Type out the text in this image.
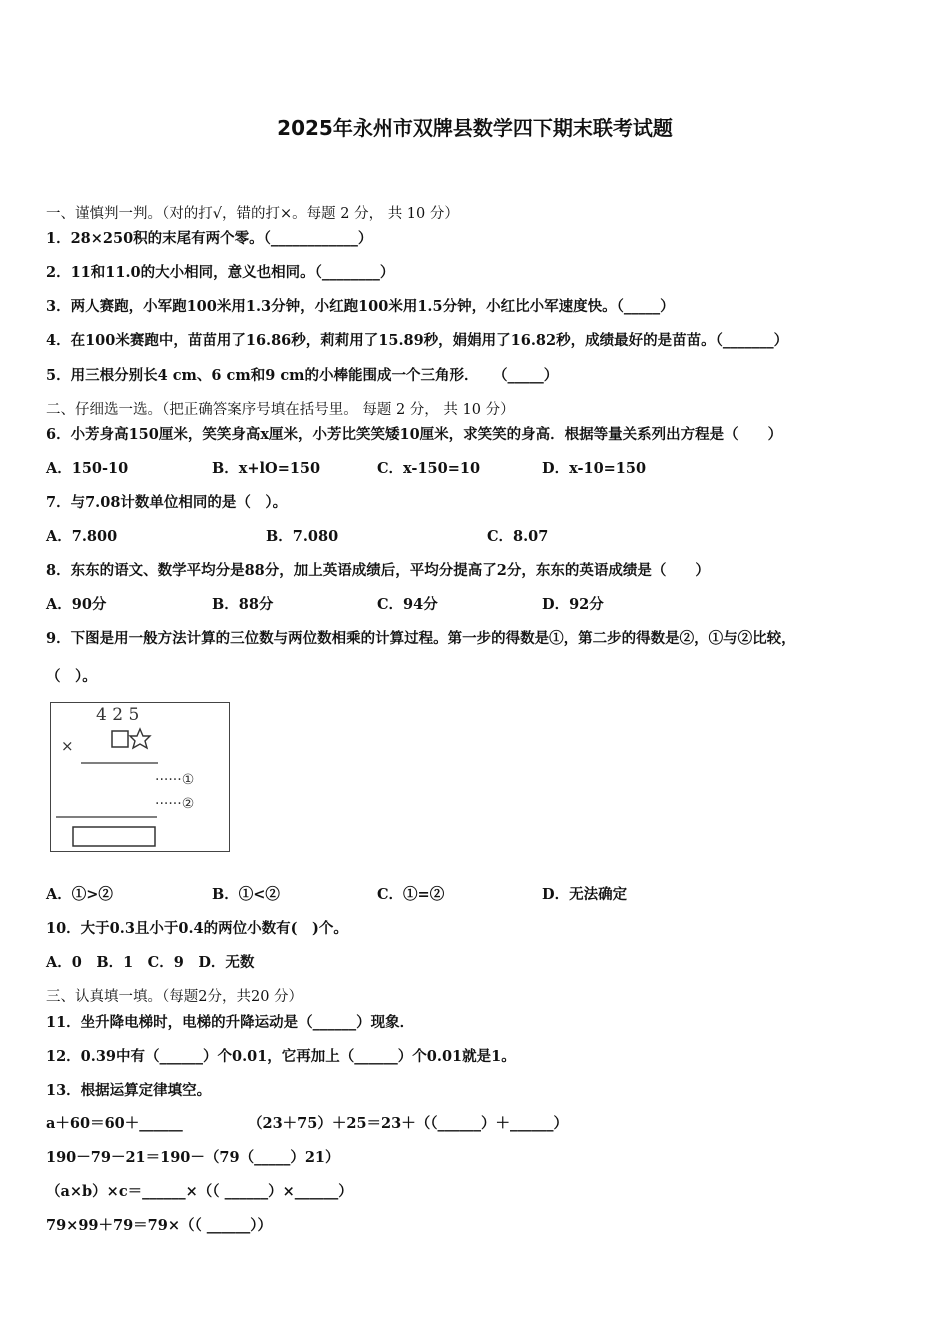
2025年永州市双牌县数学四下期末联考试题
一、谨慎判一判。（对的打√，错的打×。每题 2 分， 共 10 分）
1．28×250积的末尾有两个零。（____________）
2．11和11.0的大小相同，意义也相同。（________）
3．两人赛跑，小军跑100米用1.3分钟，小红跑100米用1.5分钟，小红比小军速度快。（_____）
4．在100米赛跑中，苗苗用了16.86秒，莉莉用了15.89秒，娟娟用了16.82秒，成绩最好的是苗苗。（_______）
5．用三根分别长4 cm、6 cm和9 cm的小棒能围成一个三角形．　　（_____）
二、仔细选一选。（把正确答案序号填在括号里。 每题 2 分， 共 10 分）
6．小芳身高150厘米，笑笑身高x厘米，小芳比笑笑矮10厘米，求笑笑的身高．根据等量关系列出方程是（　　）
A．150-10	B．x+lO=150	C．x-150=10	D．x-10=150
7．与7.08计数单位相同的是（　）。
A．7.800	B．7.080	C．8.07
8．东东的语文、数学平均分是88分，加上英语成绩后，平均分提高了2分，东东的英语成绩是（　　）
A．90分	B．88分	C．94分	D．92分
9．下图是用一般方法计算的三位数与两位数相乘的计算过程。第一步的得数是①，第二步的得数是②，①与②比较，
（　）。
4 2 5
×
······①
······②
A．①>②	B．①<②	C．①=②	D．无法确定
10．大于0.3且小于0.4的两位小数有(　)个。
A．0　B．1　C．9　D．无数
三、认真填一填。（每题2分，共20 分）
11．坐升降电梯时，电梯的升降运动是（______）现象．
12．0.39中有（______）个0.01，它再加上（______）个0.01就是1。
13．根据运算定律填空。
a＋60＝60＋______	（23＋75）＋25＝23＋（（______）＋______）
190－79－21＝190－（79（_____）21）
（a×b）×c＝______×（（ ______）×______）
79×99＋79＝79×（（ ______））
